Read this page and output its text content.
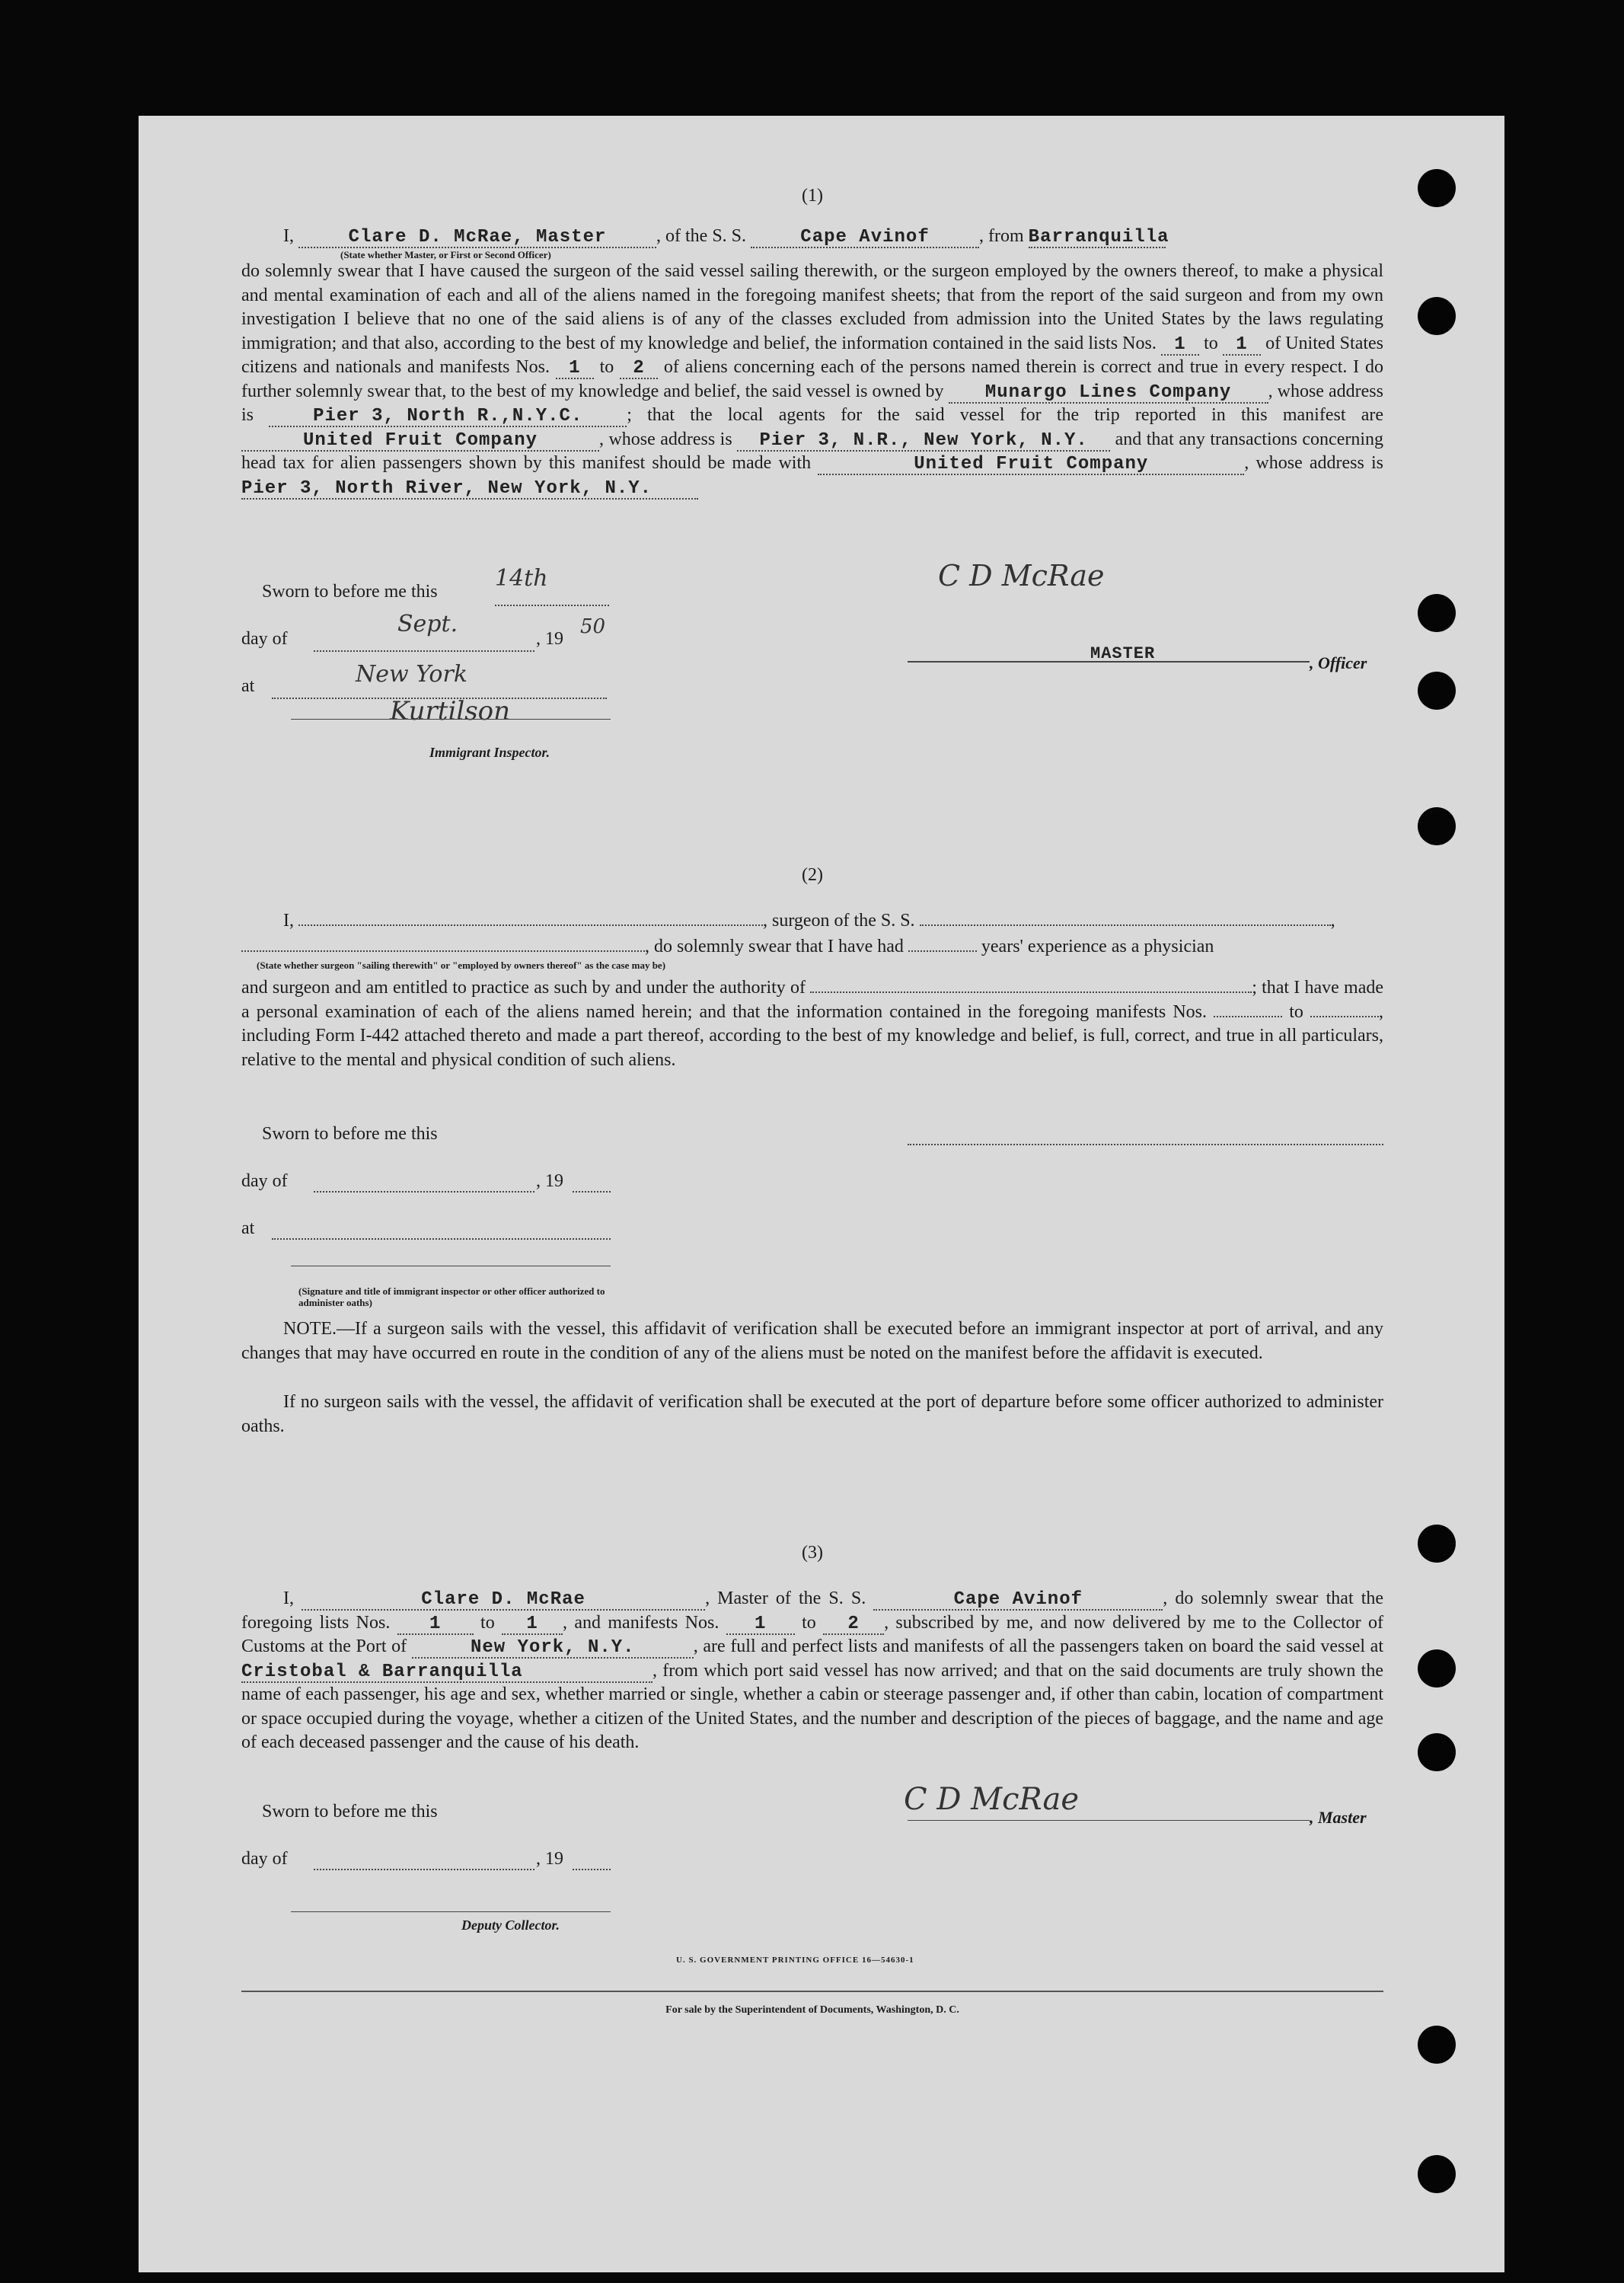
(1)
I,	Clare D. McRae, Master	, of the S. S.	Cape Avinof	, from Barranquilla
(State whether Master, or First or Second Officer)

do solemnly swear that I have caused the surgeon of the said vessel sailing therewith, or the surgeon employed by the owners thereof, to make a physical and mental examination of each and all of the aliens named in the foregoing manifest sheets; that from the report of the said surgeon and from my own investigation I believe that no one of the said aliens is of any of the classes excluded from admission into the United States by the laws regulating immigration; and that also, according to the best of my knowledge and belief, the information contained in the said lists Nos. 1 to 1 of United States citizens and nationals and manifests Nos. 1 to 2 of aliens concerning each of the persons named therein is correct and true in every respect. I do further solemnly swear that, to the best of my knowledge and belief, the said vessel is owned by Munargo Lines Company , whose address is	Pier 3, North R.,N.Y.C. ; that the local agents for the said vessel for the trip reported in this manifest are United Fruit Company	, whose address is Pier 3, N.R., New York, N.Y. and that any transactions concerning head tax for alien passengers shown by this manifest should be made with	United Fruit Company	, whose address is Pier 3, North River, New York, N.Y.

Sworn to before me this	14th
day of
Sept.
, 19
50
at	New York
Kurtilson
Immigrant Inspector.
C D McRae
MASTER	, Officer
(2)
I,	, surgeon of the S. S.	,
, do solemnly swear that I have had	years' experience as a physician
(State whether surgeon "sailing therewith" or "employed by owners thereof" as the case may be)

and surgeon and am entitled to practice as such by and under the authority of	; that I have made a personal examination of each of the aliens named herein; and that the information contained in the foregoing manifests Nos.	to	, including Form I-442 attached thereto and made a part thereof, according to the best of my knowledge and belief, is full, correct, and true in all particulars, relative to the mental and physical condition of such aliens.

Sworn to before me this
day of	, 19
at
(Signature and title of immigrant inspector or other officer authorized to administer oaths)

NOTE.—If a surgeon sails with the vessel, this affidavit of verification shall be executed before an immigrant inspector at port of arrival, and any changes that may have occurred en route in the condition of any of the aliens must be noted on the manifest before the affidavit is executed.

If no surgeon sails with the vessel, the affidavit of verification shall be executed at the port of departure before some officer authorized to administer oaths.

(3)

I,	Clare D. McRae	, Master of the S. S.	Cape Avinof	, do solemnly swear that the foregoing lists Nos. 1 to 1 , and manifests Nos. 1 to 2 , subscribed by me, and now delivered by me to the Collector of Customs at the Port of	New York, N.Y.	, are full and perfect lists and manifests of all the passengers taken on board the said vessel at Cristobal & Barranquilla	, from which port said vessel has now arrived; and that on the said documents are truly shown the name of each passenger, his age and sex, whether married or single, whether a cabin or steerage passenger and, if other than cabin, location of compartment or space occupied during the voyage, whether a citizen of the United States, and the number and description of the pieces of baggage, and the name and age of each deceased passenger and the cause of his death.

Sworn to before me this	C D McRae
, Master
day of	, 19
Deputy Collector.
U. S. GOVERNMENT PRINTING OFFICE 16—54630-1
For sale by the Superintendent of Documents, Washington, D. C.
